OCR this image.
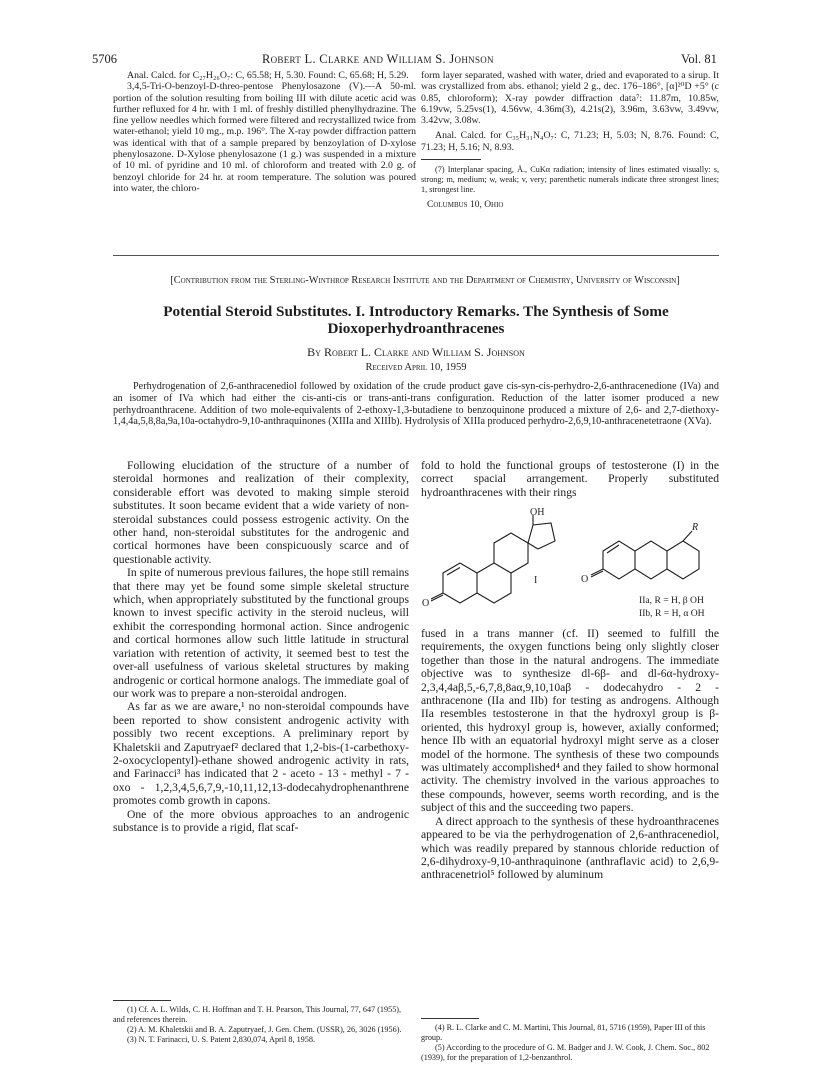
5706	Robert L. Clarke and William S. Johnson	Vol. 81

Anal. Calcd. for C₂₇H₂₆O₇: C, 65.58; H, 5.30. Found: C, 65.68; H, 5.29.

3,4,5-Tri-O-benzoyl-D-threo-pentose Phenylosazone (V).—A 50-ml. portion of the solution resulting from boiling III with dilute acetic acid was further refluxed for 4 hr. with 1 ml. of freshly distilled phenylhydrazine. The fine yellow needles which formed were filtered and recrystallized twice from water-ethanol; yield 10 mg., m.p. 196°. The X-ray powder diffraction pattern was identical with that of a sample prepared by benzoylation of D-xylose phenylosazone. D-Xylose phenylosazone (1 g.) was suspended in a mixture of 10 ml. of pyridine and 10 ml. of chloroform and treated with 2.0 g. of benzoyl chloride for 24 hr. at room temperature. The solution was poured into water, the chloro-

form layer separated, washed with water, dried and evaporated to a sirup. It was crystallized from abs. ethanol; yield 2 g., dec. 176–186°, [α]²⁰D +5° (c 0.85, chloroform); X-ray powder diffraction data⁷: 11.87m, 10.85w, 6.19vw, 5.25vs(1), 4.56vw, 4.36m(3), 4.21s(2), 3.96m, 3.63vw, 3.49vw, 3.42vw, 3.08w.

Anal. Calcd. for C₃₅H₃₁N₄O₇: C, 71.23; H, 5.03; N, 8.76. Found: C, 71.23; H, 5.16; N, 8.93.

(7) Interplanar spacing, Å., CuKα radiation; intensity of lines estimated visually: s, strong; m, medium; w, weak; v, very; parenthetic numerals indicate three strongest lines; 1, strongest line.

Columbus 10, Ohio

[Contribution from the Sterling-Winthrop Research Institute and the Department of Chemistry, University of Wisconsin]
Potential Steroid Substitutes. I. Introductory Remarks. The Synthesis of Some Dioxoperhydroanthracenes
By Robert L. Clarke and William S. Johnson
Received April 10, 1959
Perhydrogenation of 2,6-anthracenediol followed by oxidation of the crude product gave cis-syn-cis-perhydro-2,6-anthracenedione (IVa) and an isomer of IVa which had either the cis-anti-cis or trans-anti-trans configuration. Reduction of the latter isomer produced a new perhydroanthracene. Addition of two mole-equivalents of 2-ethoxy-1,3-butadiene to benzoquinone produced a mixture of 2,6- and 2,7-diethoxy-1,4,4a,5,8,8a,9a,10a-octahydro-9,10-anthraquinones (XIIIa and XIIIb). Hydrolysis of XIIIa produced perhydro-2,6,9,10-anthracenetetraone (XVa).

Following elucidation of the structure of a number of steroidal hormones and realization of their complexity, considerable effort was devoted to making simple steroid substitutes. It soon became evident that a wide variety of non-steroidal substances could possess estrogenic activity. On the other hand, non-steroidal substitutes for the androgenic and cortical hormones have been conspicuously scarce and of questionable activity.

In spite of numerous previous failures, the hope still remains that there may yet be found some simple skeletal structure which, when appropriately substituted by the functional groups known to invest specific activity in the steroid nucleus, will exhibit the corresponding hormonal action. Since androgenic and cortical hormones allow such little latitude in structural variation with retention of activity, it seemed best to test the over-all usefulness of various skeletal structures by making androgenic or cortical hormone analogs. The immediate goal of our work was to prepare a non-steroidal androgen.

As far as we are aware,¹ no non-steroidal compounds have been reported to show consistent androgenic activity with possibly two recent exceptions. A preliminary report by Khaletskii and Zaputryaef² declared that 1,2-bis-(1-carbethoxy-2-oxocyclopentyl)-ethane showed androgenic activity in rats, and Farinacci³ has indicated that 2 - aceto - 13 - methyl - 7 - oxo - 1,2,3,4,5,6,7,9,-10,11,12,13-dodecahydrophenanthrene promotes comb growth in capons.

One of the more obvious approaches to an androgenic substance is to provide a rigid, flat scaf-

(1) Cf. A. L. Wilds, C. H. Hoffman and T. H. Pearson, This Journal, 77, 647 (1955), and references therein.

(2) A. M. Khaletskii and B. A. Zaputryaef, J. Gen. Chem. (USSR), 26, 3026 (1956).

(3) N. T. Farinacci, U. S. Patent 2,830,074, April 8, 1958.

fold to hold the functional groups of testosterone (I) in the correct spacial arrangement. Properly substituted hydroanthracenes with their rings
OH
O
I	O
R
IIa, R = H, β OH
IIb, R = H, α OH

fused in a trans manner (cf. II) seemed to fulfill the requirements, the oxygen functions being only slightly closer together than those in the natural androgens. The immediate objective was to synthesize dl-6β- and dl-6α-hydroxy-2,3,4,4aβ,5,-6,7,8,8aα,9,10,10aβ - dodecahydro - 2 - anthracenone (IIa and IIb) for testing as androgens. Although IIa resembles testosterone in that the hydroxyl group is β-oriented, this hydroxyl group is, however, axially conformed; hence IIb with an equatorial hydroxyl might serve as a closer model of the hormone. The synthesis of these two compounds was ultimately accomplished⁴ and they failed to show hormonal activity. The chemistry involved in the various approaches to these compounds, however, seems worth recording, and is the subject of this and the succeeding two papers.

A direct approach to the synthesis of these hydroanthracenes appeared to be via the perhydrogenation of 2,6-anthracenediol, which was readily prepared by stannous chloride reduction of 2,6-dihydroxy-9,10-anthraquinone (anthraflavic acid) to 2,6,9-anthracenetriol⁵ followed by aluminum

(4) R. L. Clarke and C. M. Martini, This Journal, 81, 5716 (1959), Paper III of this group.

(5) According to the procedure of G. M. Badger and J. W. Cook, J. Chem. Soc., 802 (1939), for the preparation of 1,2-benzanthrol.
